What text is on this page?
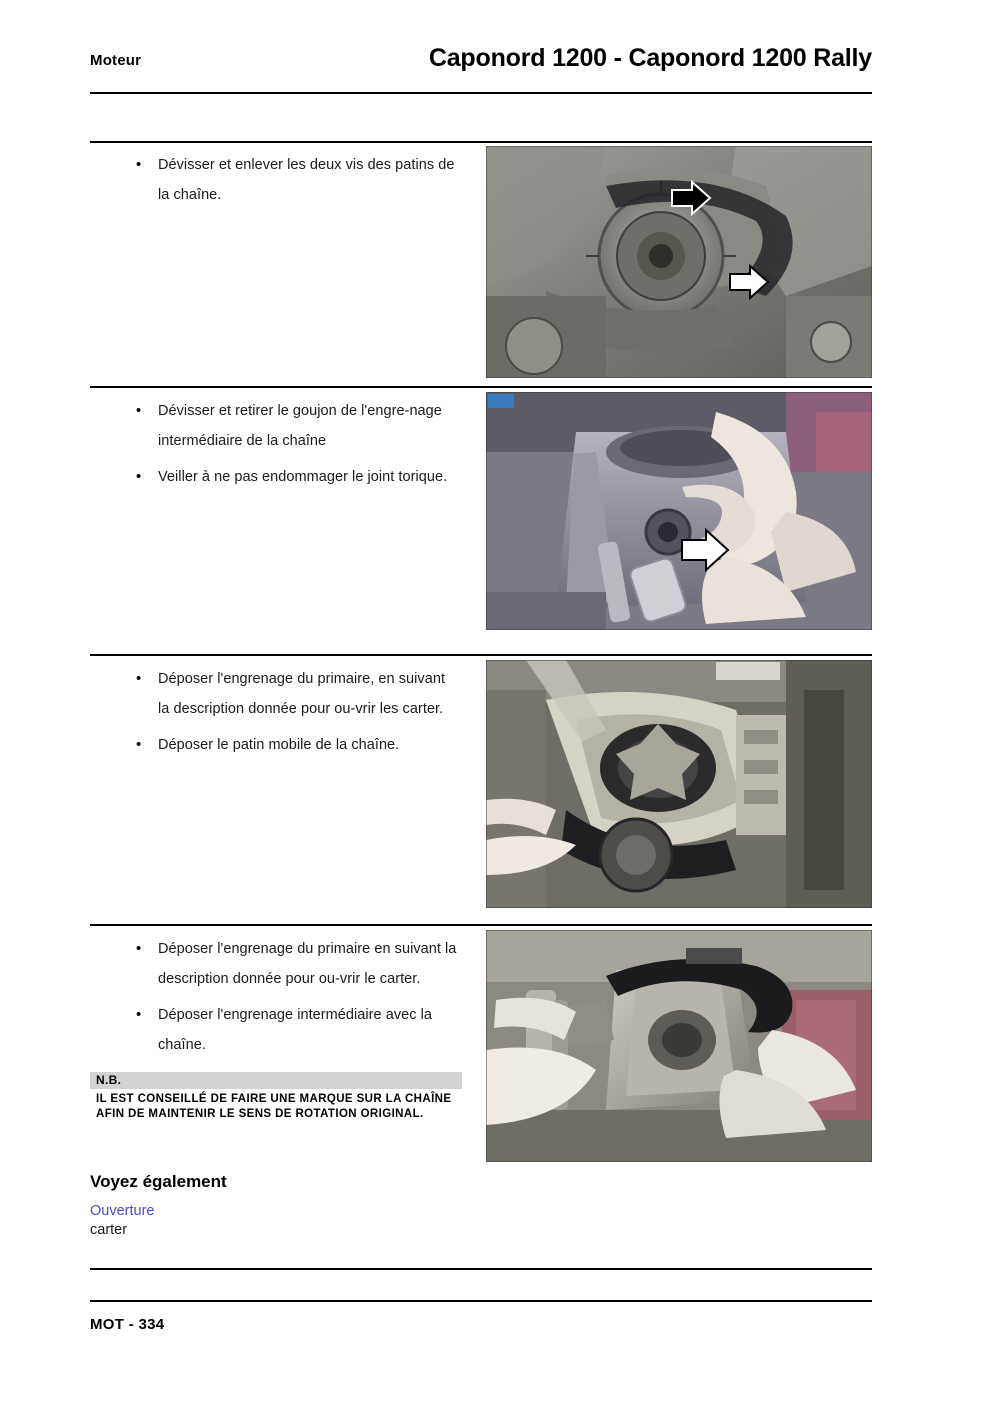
Moteur	Caponord 1200 - Caponord 1200 Rally
•	Dévisser et enlever les deux vis des patins de la chaîne.
•	Dévisser et retirer le goujon de l'engre-nage intermédiaire de la chaîne
•	Veiller à ne pas endommager le joint torique.
•	Déposer l'engrenage du primaire, en suivant la description donnée pour ou-vrir les carter.
•	Déposer le patin mobile de la chaîne.
•	Déposer l'engrenage du primaire en suivant la description donnée pour ou-vrir le carter.
•	Déposer l'engrenage intermédiaire avec la chaîne.
N.B.
IL EST CONSEILLÉ DE FAIRE UNE MARQUE SUR LA CHAÎNE AFIN DE MAINTENIR LE SENS DE ROTATION ORIGINAL.
Voyez également
Ouverture
carter
MOT - 334
